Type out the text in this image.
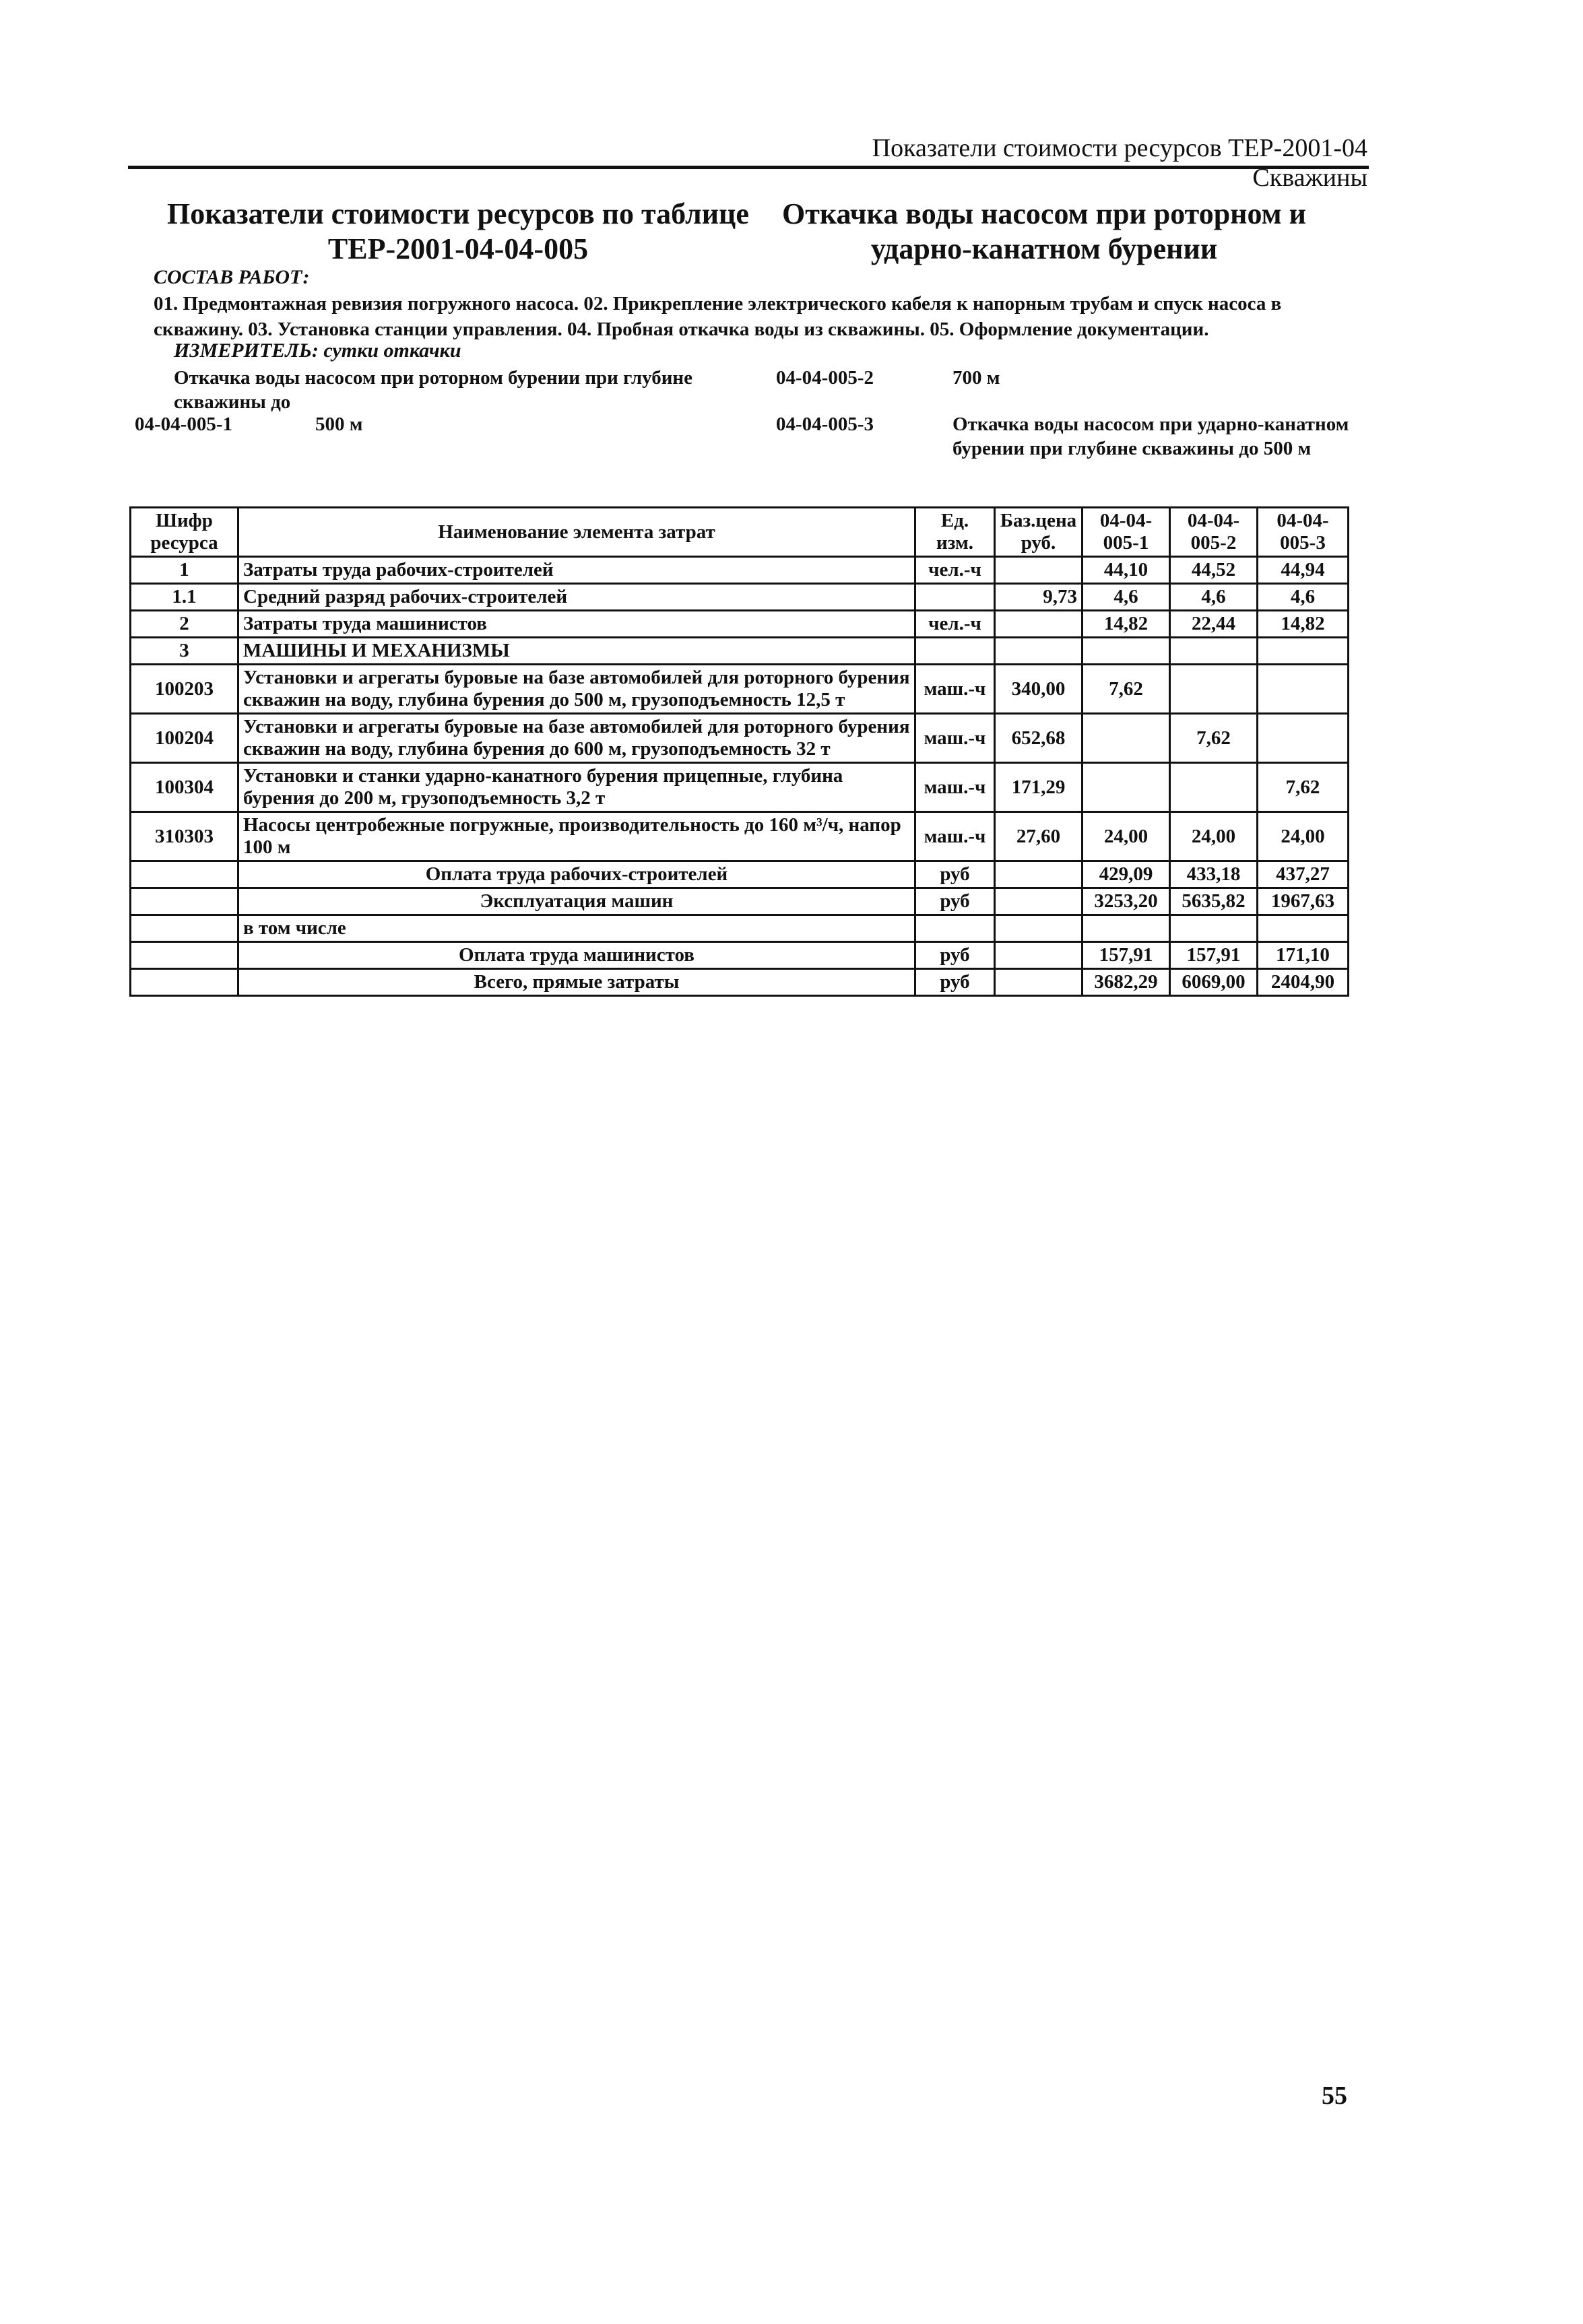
Показатели стоимости ресурсов ТЕР-2001-04 Скважины
Показатели стоимости ресурсов по таблице ТЕР-2001-04-04-005
Откачка воды насосом при роторном и ударно-канатном бурении
СОСТАВ РАБОТ:
01. Предмонтажная ревизия погружного насоса. 02. Прикрепление электрического кабеля к напорным трубам и спуск насоса в скважину. 03. Установка станции управления. 04. Пробная откачка воды из скважины. 05. Оформление документации.
ИЗМЕРИТЕЛЬ: сутки откачки
Откачка воды насосом при роторном бурении при глубине скважины до
04-04-005-2	700 м
04-04-005-1	500 м	04-04-005-3	Откачка воды насосом при ударно-канатном бурении при глубине скважины до 500 м
Шифр ресурса	Наименование элемента затрат	Ед. изм.	Баз.цена руб.	04-04-005-1	04-04-005-2	04-04-005-3
1	Затраты труда рабочих-строителей	чел.-ч		44,10	44,52	44,94
1.1	Средний разряд рабочих-строителей		9,73	4,6	4,6	4,6
2	Затраты труда машинистов	чел.-ч		14,82	22,44	14,82
3	МАШИНЫ И МЕХАНИЗМЫ					
100203	Установки и агрегаты буровые на базе автомобилей для роторного бурения скважин на воду, глубина бурения до 500 м, грузоподъемность 12,5 т	маш.-ч	340,00	7,62		
100204	Установки и агрегаты буровые на базе автомобилей для роторного бурения скважин на воду, глубина бурения до 600 м, грузоподъемность 32 т	маш.-ч	652,68		7,62	
100304	Установки и станки ударно-канатного бурения прицепные, глубина бурения до 200 м, грузоподъемность 3,2 т	маш.-ч	171,29			7,62
310303	Насосы центробежные погружные, производительность до 160 м³/ч, напор 100 м	маш.-ч	27,60	24,00	24,00	24,00
	Оплата труда рабочих-строителей	руб		429,09	433,18	437,27
	Эксплуатация машин	руб		3253,20	5635,82	1967,63
	в том числе					
	Оплата труда машинистов	руб		157,91	157,91	171,10
	Всего, прямые затраты	руб		3682,29	6069,00	2404,90
55
